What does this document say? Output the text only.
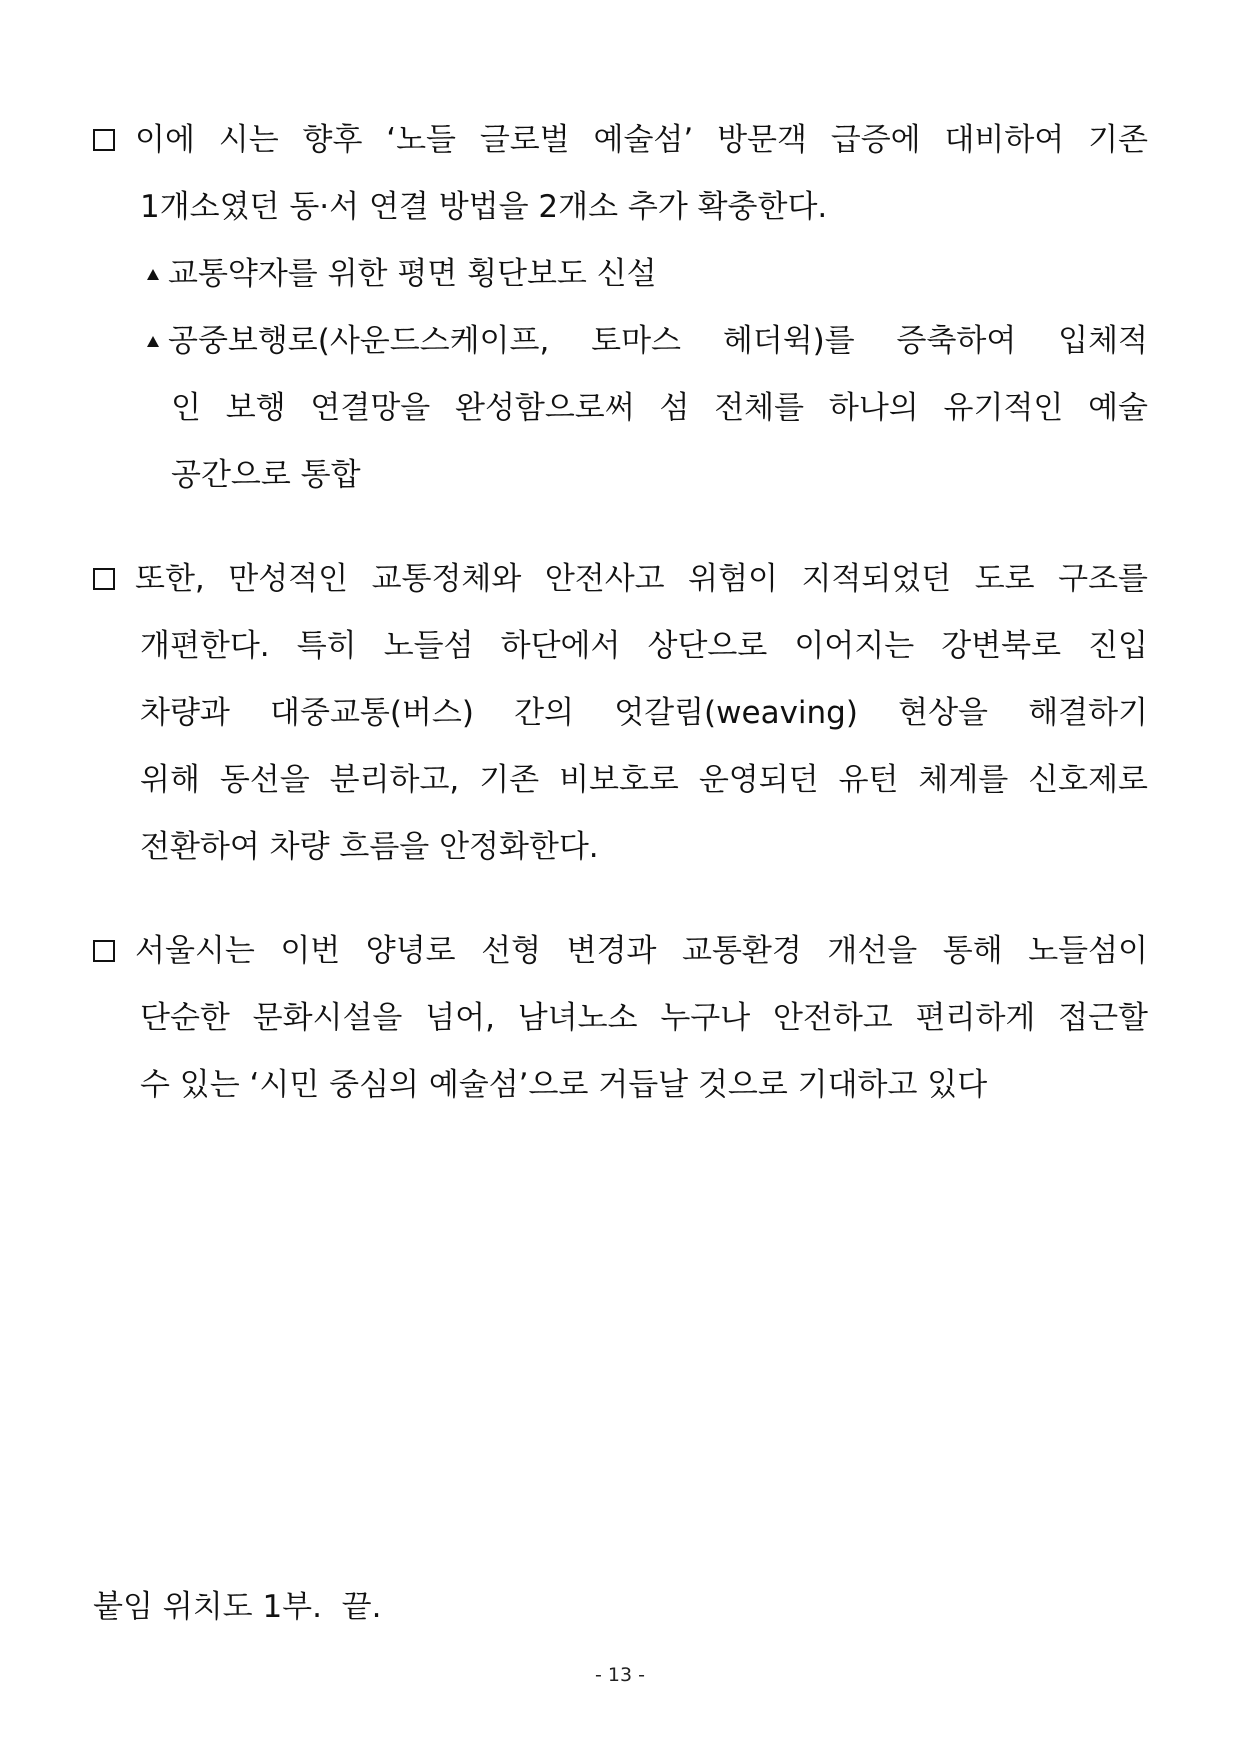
이에 시는 향후 ‘노들 글로벌 예술섬’ 방문객 급증에 대비하여 기존
1개소였던 동·서 연결 방법을 2개소 추가 확충한다.
교통약자를 위한 평면 횡단보도 신설
공중보행로(사운드스케이프, 토마스 헤더윅)를 증축하여 입체적
인 보행 연결망을 완성함으로써 섬 전체를 하나의 유기적인 예술
공간으로 통합
또한, 만성적인 교통정체와 안전사고 위험이 지적되었던 도로 구조를
개편한다. 특히 노들섬 하단에서 상단으로 이어지는 강변북로 진입
차량과 대중교통(버스) 간의 엇갈림(weaving) 현상을 해결하기
위해 동선을 분리하고, 기존 비보호로 운영되던 유턴 체계를 신호제로
전환하여 차량 흐름을 안정화한다.
서울시는 이번 양녕로 선형 변경과 교통환경 개선을 통해 노들섬이
단순한 문화시설을 넘어, 남녀노소 누구나 안전하고 편리하게 접근할
수 있는 ‘시민 중심의 예술섬’으로 거듭날 것으로 기대하고 있다
붙임 위치도 1부.  끝.
- 13 -
